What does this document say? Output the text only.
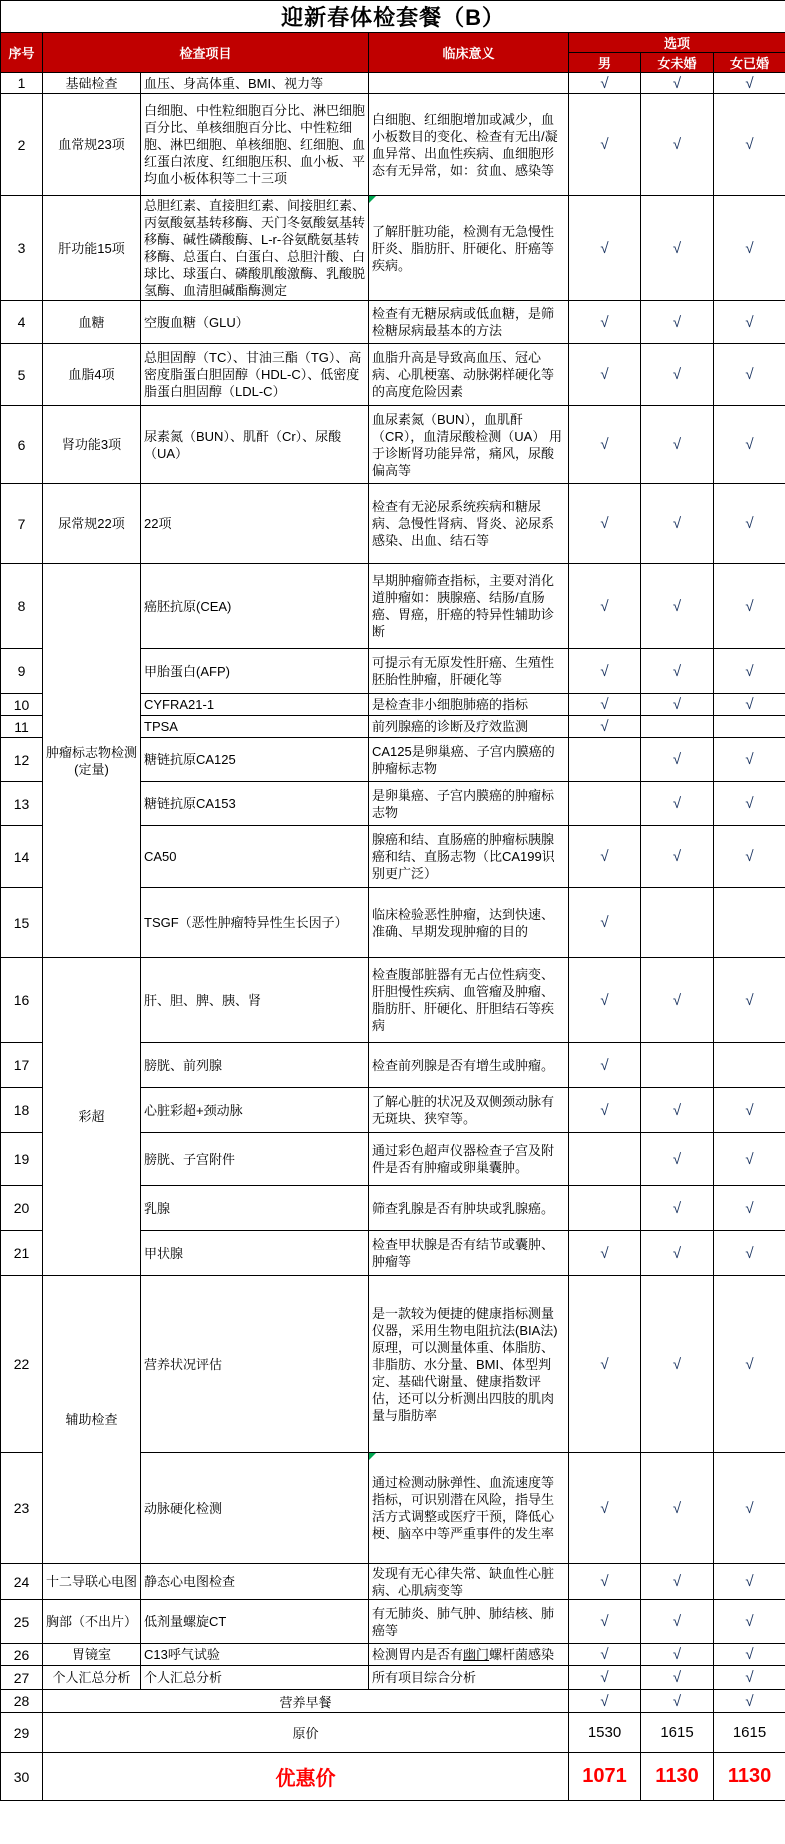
迎新春体检套餐（B）						
序号	检查项目		临床意义	选项		
				男	女未婚	女已婚
1	基础检查	血压、身高体重、BMI、视力等		√	√	√
2	血常规23项	白细胞、中性粒细胞百分比、淋巴细胞百分比、单核细胞百分比、中性粒细胞、淋巴细胞、单核细胞、红细胞、血红蛋白浓度、红细胞压积、血小板、平均血小板体积等二十三项	白细胞、红细胞增加或减少，血小板数目的变化、检查有无出/凝血异常、出血性疾病、血细胞形态有无异常，如：贫血、感染等	√	√	√
3	肝功能15项	总胆红素、直接胆红素、间接胆红素、丙氨酸氨基转移酶、天门冬氨酸氨基转移酶、碱性磷酸酶、L-r-谷氨酰氨基转移酶、总蛋白、白蛋白、总胆汁酸、白球比、球蛋白、磷酸肌酸激酶、乳酸脱氢酶、血清胆碱酯酶测定	了解肝脏功能，检测有无急慢性肝炎、脂肪肝、肝硬化、肝癌等疾病。	√	√	√
4	血糖	空腹血糖（GLU）	检查有无糖尿病或低血糖，是筛检糖尿病最基本的方法	√	√	√
5	血脂4项	总胆固醇（TC）、甘油三酯（TG）、高密度脂蛋白胆固醇（HDL-C）、低密度脂蛋白胆固醇（LDL-C）	血脂升高是导致高血压、冠心病、心肌梗塞、动脉粥样硬化等的高度危险因素	√	√	√
6	肾功能3项	尿素氮（BUN）、肌酐（Cr）、尿酸（UA）	血尿素氮（BUN），血肌酐（CR），血清尿酸检测（UA） 用于诊断肾功能异常，痛风，尿酸偏高等	√	√	√
7	尿常规22项	22项	检查有无泌尿系统疾病和糖尿病、急慢性肾病、肾炎、泌尿系感染、出血、结石等	√	√	√
8	肿瘤标志物检测(定量)	癌胚抗原(CEA)	早期肿瘤筛查指标，主要对消化道肿瘤如：胰腺癌、结肠/直肠癌、胃癌，肝癌的特异性辅助诊断	√	√	√
9		甲胎蛋白(AFP)	可提示有无原发性肝癌、生殖性胚胎性肿瘤，肝硬化等	√	√	√
10		CYFRA21-1	是检查非小细胞肺癌的指标	√	√	√
11		TPSA	前列腺癌的诊断及疗效监测	√		
12		糖链抗原CA125	CA125是卵巢癌、子宫内膜癌的肿瘤标志物		√	√
13		糖链抗原CA153	是卵巢癌、子宫内膜癌的肿瘤标志物		√	√
14		CA50	腺癌和结、直肠癌的肿瘤标胰腺癌和结、直肠志物（比CA199识别更广泛）	√	√	√
15		TSGF（恶性肿瘤特异性生长因子）	临床检验恶性肿瘤，达到快速、准确、早期发现肿瘤的目的	√		
16	彩超	肝、胆、脾、胰、肾	检查腹部脏器有无占位性病变、肝胆慢性疾病、血管瘤及肿瘤、脂肪肝、肝硬化、肝胆结石等疾病	√	√	√
17		膀胱、前列腺	检查前列腺是否有增生或肿瘤。	√		
18		心脏彩超+颈动脉	了解心脏的状况及双侧颈动脉有无斑块、狭窄等。	√	√	√
19		膀胱、子宫附件	通过彩色超声仪器检查子宫及附件是否有肿瘤或卵巢囊肿。		√	√
20		乳腺	筛查乳腺是否有肿块或乳腺癌。		√	√
21		甲状腺	检查甲状腺是否有结节或囊肿、肿瘤等	√	√	√
22	辅助检查	营养状况评估	是一款较为便捷的健康指标测量仪器，采用生物电阻抗法(BIA法)原理，可以测量体重、体脂肪、非脂肪、水分量、BMI、体型判定、基础代谢量、健康指数评估，还可以分析测出四肢的肌肉量与脂肪率	√	√	√
23		动脉硬化检测	通过检测动脉弹性、血流速度等指标，可识别潜在风险，指导生活方式调整或医疗干预，降低心梗、脑卒中等严重事件的发生率	√	√	√
24	十二导联心电图	静态心电图检查	发现有无心律失常、缺血性心脏病、心肌病变等	√	√	√
25	胸部（不出片）	低剂量螺旋CT	有无肺炎、肺气肿、肺结核、肺癌等	√	√	√
26	胃镜室	C13呼气试验	检测胃内是否有幽门螺杆菌感染	√	√	√
27	个人汇总分析	个人汇总分析	所有项目综合分析	√	√	√
28	营养早餐			√	√	√
29	原价			1530	1615	1615
30	优惠价			1071	1130	1130
